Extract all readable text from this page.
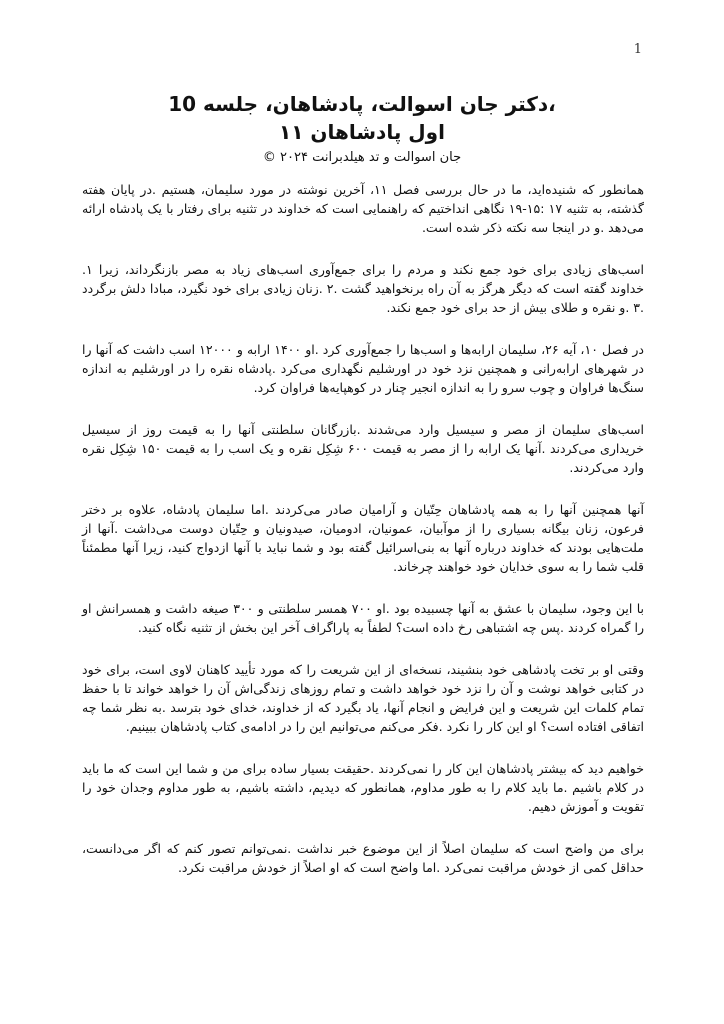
1

،دکتر جان اسوالت، پادشاهان، جلسه 10

اول پادشاهان ۱۱

جان اسوالت و تد هیلدبرانت ۲۰۲۴ ©

همانطور که شنیده‌اید، ما در حال بررسی فصل ۱۱، آخرین نوشته در مورد سلیمان، هستیم .در پایان هفته گذشته، به تثنیه ۱۷ :۱۵-۱۹ نگاهی انداختیم که راهنمایی است که خداوند در تثنیه برای رفتار با یک پادشاه ارائه می‌دهد .و در اینجا سه نکته ذکر شده است.

اسب‌های زیادی برای خود جمع نکند و مردم را برای جمع‌آوری اسب‌های زیاد به مصر بازنگرداند، زیرا ۱. خداوند گفته است که دیگر هرگز به آن راه برنخواهید گشت .۲ .زنان زیادی برای خود نگیرد، مبادا دلش برگردد .۳ .و نقره و طلای بیش از حد برای خود جمع نکند.

در فصل ۱۰، آیه ۲۶، سلیمان ارابه‌ها و اسب‌ها را جمع‌آوری کرد .او ۱۴۰۰ ارابه و ۱۲۰۰۰ اسب داشت که آنها را در شهرهای ارابه‌رانی و همچنین نزد خود در اورشلیم نگهداری می‌کرد .پادشاه نقره را در اورشلیم به اندازه سنگ‌ها فراوان و چوب سرو را به اندازه انجیر چنار در کوهپایه‌ها فراوان کرد.

اسب‌های سلیمان از مصر و سیسیل وارد می‌شدند .بازرگانان سلطنتی آنها را به قیمت روز از سیسیل خریداری می‌کردند .آنها یک ارابه را از مصر به قیمت ۶۰۰ شِکِل نقره و یک اسب را به قیمت ۱۵۰ شِکِل نقره وارد می‌کردند.

آنها همچنین آنها را به همه پادشاهان حِتّیان و آرامیان صادر می‌کردند .اما سلیمان پادشاه، علاوه بر دختر فرعون، زنان بیگانه بسیاری را از موآبیان، عمونیان، ادومیان، صیدونیان و حِتّیان دوست می‌داشت .آنها از ملت‌هایی بودند که خداوند درباره آنها به بنی‌اسرائیل گفته بود و شما نباید با آنها ازدواج کنید، زیرا آنها مطمئناً قلب شما را به سوی خدایان خود خواهند چرخاند.

با این وجود، سلیمان با عشق به آنها چسبیده بود .او ۷۰۰ همسر سلطنتی و ۳۰۰ صیغه داشت و همسرانش او را گمراه کردند .پس چه اشتباهی رخ داده است؟ لطفاً به پاراگراف آخر این بخش از تثنیه نگاه کنید.

وقتی او بر تخت پادشاهی خود بنشیند، نسخه‌ای از این شریعت را که مورد تأیید کاهنان لاوی است، برای خود در کتابی خواهد نوشت و آن را نزد خود خواهد داشت و تمام روزهای زندگی‌اش آن را خواهد خواند تا با حفظ تمام کلمات این شریعت و این فرایض و انجام آنها، یاد بگیرد که از خداوند، خدای خود بترسد .به نظر شما چه اتفاقی افتاده است؟ او این کار را نکرد .فکر می‌کنم می‌توانیم این را در ادامه‌ی کتاب پادشاهان ببینیم.

خواهیم دید که بیشتر پادشاهان این کار را نمی‌کردند .حقیقت بسیار ساده برای من و شما این است که ما باید در کلام باشیم .ما باید کلام را به طور مداوم، همانطور که دیدیم، داشته باشیم، به طور مداوم وجدان خود را تقویت و آموزش دهیم.

برای من واضح است که سلیمان اصلاً از این موضوع خبر نداشت .نمی‌توانم تصور کنم که اگر می‌دانست، حداقل کمی از خودش مراقبت نمی‌کرد .اما واضح است که او اصلاً از خودش مراقبت نکرد.
